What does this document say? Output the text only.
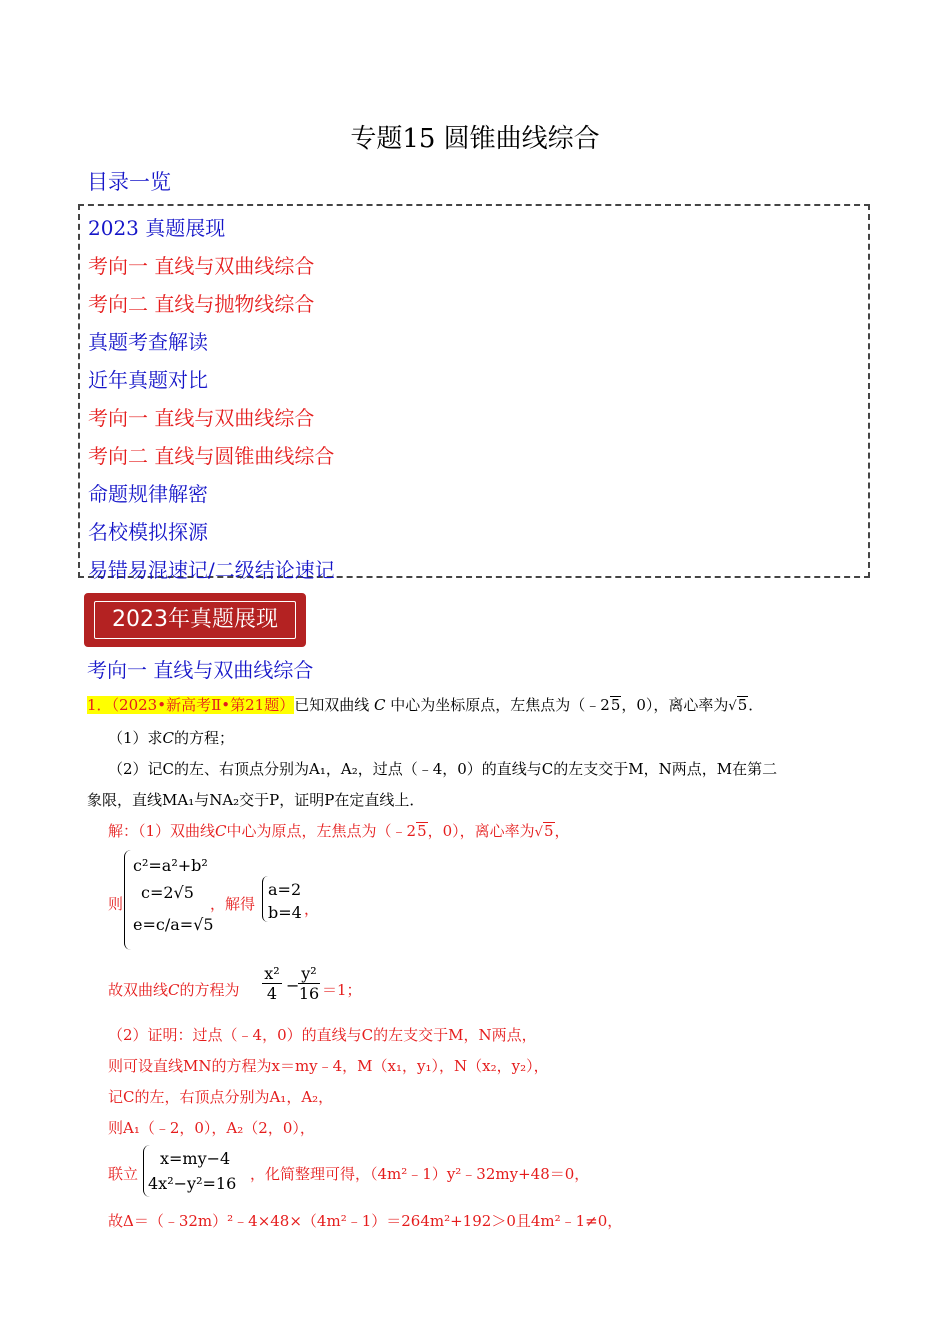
专题15 圆锥曲线综合
目录一览
2023 真题展现
考向一 直线与双曲线综合
考向二 直线与抛物线综合
真题考查解读
近年真题对比
考向一 直线与双曲线综合
考向二 直线与圆锥曲线综合
命题规律解密
名校模拟探源
易错易混速记/二级结论速记
2023年真题展现
考向一 直线与双曲线综合
1．（2023•新高考Ⅱ•第21题）已知双曲线 C 中心为坐标原点，左焦点为（﹣25，0），离心率为√5．
（1）求C的方程；
（2）记C的左、右顶点分别为A₁，A₂，过点（﹣4，0）的直线与C的左支交于M，N两点，M在第二
象限，直线MA₁与NA₂交于P，证明P在定直线上．
解：（1）双曲线C中心为原点，左焦点为（﹣25，0），离心率为√5，
则
c²=a²+b²
c=2√5
e=c/a=√5
，解得
a=2
b=4 ，
故双曲线C的方程为
x²
4 −
y²
16 ＝1；
（2）证明：过点（﹣4，0）的直线与C的左支交于M，N两点，
则可设直线MN的方程为x＝my﹣4，M（x₁，y₁），N（x₂，y₂），
记C的左，右顶点分别为A₁，A₂，
则A₁（﹣2，0），A₂（2，0），
联立
x=my−4
4x²−y²=16 ，化简整理可得，（4m²﹣1）y²﹣32my+48＝0，
故Δ＝（﹣32m）²﹣4×48×（4m²﹣1）＝264m²+192＞0且4m²﹣1≠0，
